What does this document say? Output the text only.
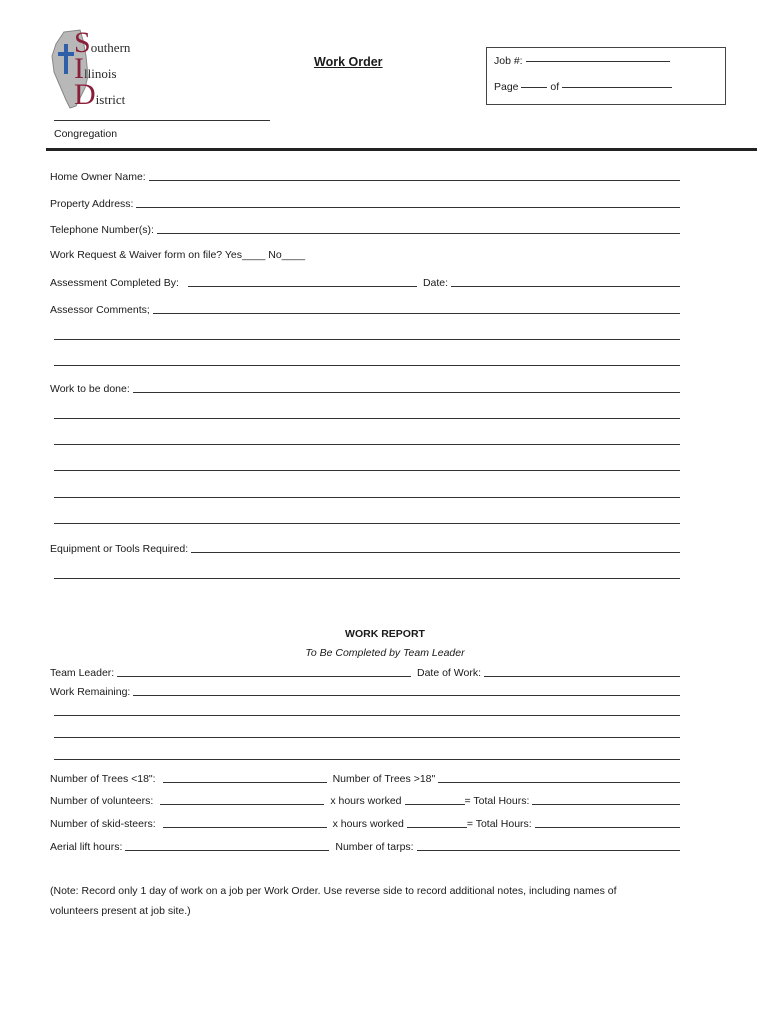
Southern
Illinois
District
Work Order	Job #:
Page	of
Congregation
Home Owner Name:
Property Address:
Telephone Number(s):
Work Request & Waiver form on file? Yes____ No____
Assessment Completed By:	Date:
Assessor Comments;
Work to be done:
Equipment or Tools Required:
WORK REPORT
To Be Completed by Team Leader
Team Leader:	Date of Work:
Work Remaining:
Number of Trees <18":	Number of Trees >18"
Number of volunteers:	x hours worked	= Total Hours:
Number of skid-steers:	x hours worked	= Total Hours:
Aerial lift hours:	Number of tarps:
(Note: Record only 1 day of work on a job per Work Order. Use reverse side to record additional notes, including names of
volunteers present at job site.)
